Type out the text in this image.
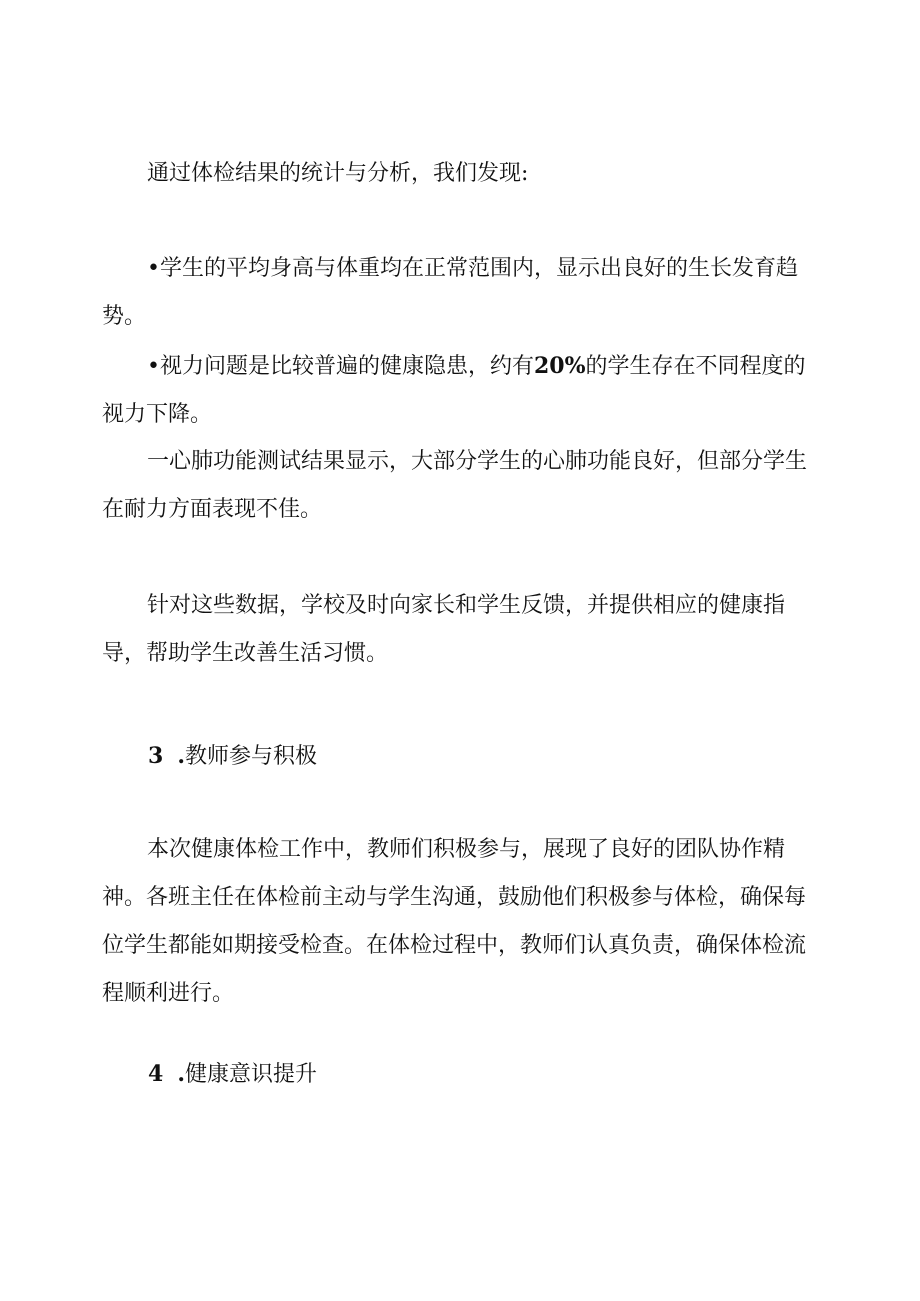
通过体检结果的统计与分析，我们发现:

•学生的平均身高与体重均在正常范围内，显示出良好的生长发育趋势。

•视力问题是比较普遍的健康隐患，约有20%的学生存在不同程度的视力下降。

一心肺功能测试结果显示，大部分学生的心肺功能良好，但部分学生在耐力方面表现不佳。

针对这些数据，学校及时向家长和学生反馈，并提供相应的健康指导，帮助学生改善生活习惯。

3 .教师参与积极

本次健康体检工作中，教师们积极参与，展现了良好的团队协作精神。各班主任在体检前主动与学生沟通，鼓励他们积极参与体检，确保每位学生都能如期接受检查。在体检过程中，教师们认真负责，确保体检流程顺利进行。

4 .健康意识提升
